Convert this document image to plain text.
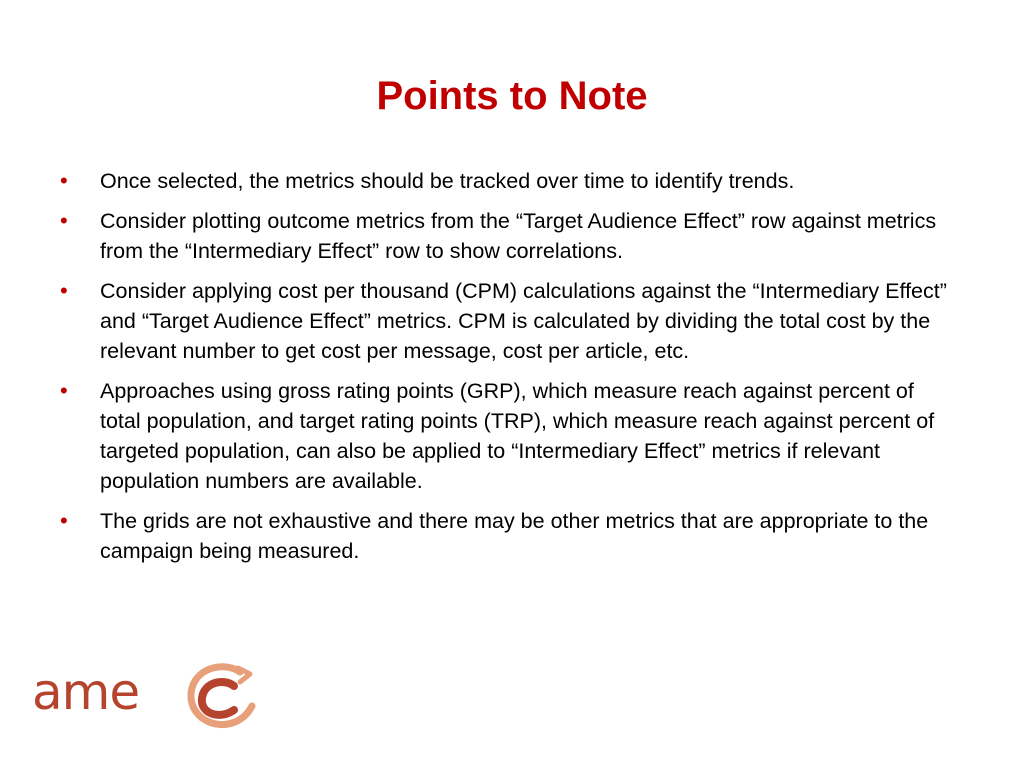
Points to Note
• Once selected, the metrics should be tracked over time to identify trends.
• Consider plotting outcome metrics from the “Target Audience Effect” row against metrics from the “Intermediary Effect” row to show correlations.
• Consider applying cost per thousand (CPM) calculations against the “Intermediary Effect” and “Target Audience Effect” metrics. CPM is calculated by dividing the total cost by the relevant number to get cost per message, cost per article, etc.
• Approaches using gross rating points (GRP), which measure reach against percent of total population, and target rating points (TRP), which measure reach against percent of targeted population, can also be applied to “Intermediary Effect” metrics if relevant population numbers are available.
• The grids are not exhaustive and there may be other metrics that are appropriate to the campaign being measured.
ame
